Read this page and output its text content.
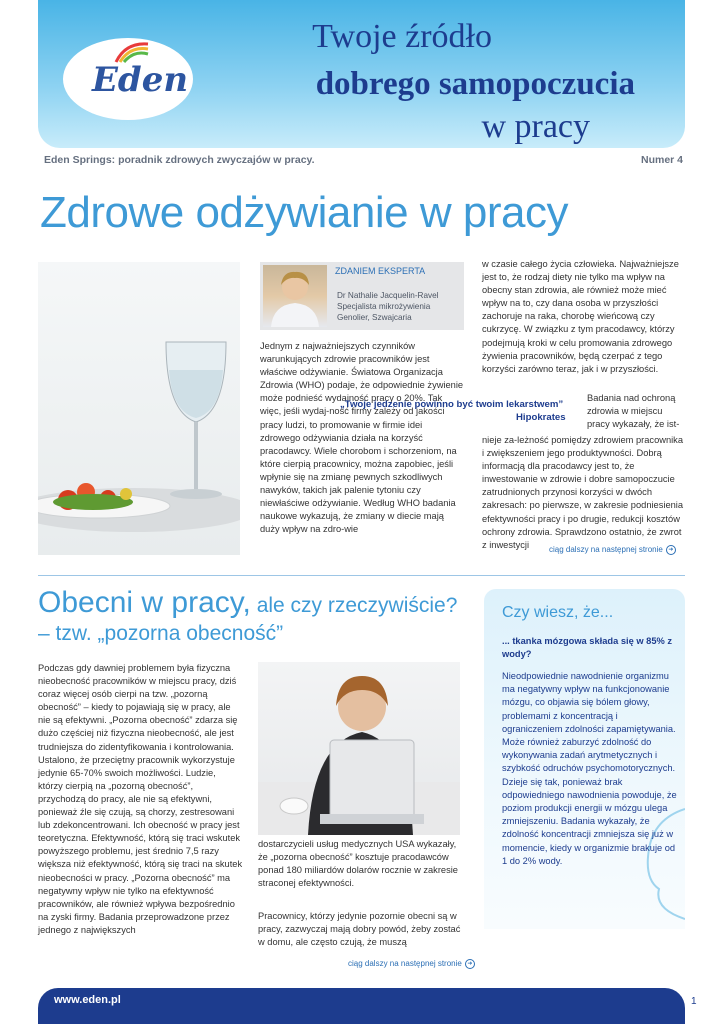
Eden
Twoje źródło
dobrego samopoczucia
w pracy
Eden Springs: poradnik zdrowych zwyczajów w pracy.	Numer 4
Zdrowe odżywianie w pracy
ZDANIEM EKSPERTA
Dr Nathalie Jacquelin-Ravel
Specjalista mikrożywienia
Genolier, Szwajcaria
Jednym z najważniejszych czynników warunkujących zdrowie pracowników jest właściwe odżywianie. Światowa Organizacja Zdrowia (WHO) podaje, że odpowiednie żywienie może podnieść wydajność pracy o 20%. Tak więc, jeśli wydaj-ność firmy zależy od jakości pracy ludzi, to promowanie w firmie idei zdrowego odżywiania działa na korzyść pracodawcy. Wiele chorobom i schorzeniom, na które cierpią pracownicy, można zapobiec, jeśli wpłynie się na zmianę pewnych szkodliwych nawyków, takich jak palenie tytoniu czy niewłaściwe odżywianie. Według WHO badania naukowe wykazują, że zmiany w diecie mają duży wpływ na zdro-wie
w czasie całego życia człowieka. Najważniejsze jest to, że rodzaj diety nie tylko ma wpływ na obecny stan zdrowia, ale również może mieć wpływ na to, czy dana osoba w przyszłości zachoruje na raka, chorobę wieńcową czy cukrzycę. W związku z tym pracodawcy, którzy podejmują kroki w celu promowania zdrowego żywienia pracowników, będą czerpać z tego korzyści zarówno teraz, jak i w przyszłości.
„Twoje jedzenie powinno być twoim lekarstwem”
Hipokrates
Badania nad ochroną zdrowia w miejscu pracy wykazały, że ist-
nieje za-leżność pomiędzy zdrowiem pracownika i zwiększeniem jego produktywności. Dobrą informacją dla pracodawcy jest to, że inwestowanie w zdrowie i dobre samopoczucie zatrudnionych przynosi korzyści w dwóch zakresach: po pierwsze, w zakresie podniesienia efektywności pracy i po drugie, redukcji kosztów ochrony zdrowia. Sprawdzono ostatnio, że zwrot z inwestycji	ciąg dalszy na następnej stronie ➜
Obecni w pracy, ale czy rzeczywiście?
– tzw. „pozorna obecność”
Podczas gdy dawniej problemem była fizyczna nieobecność pracowników w miejscu pracy, dziś coraz więcej osób cierpi na tzw. „pozorną obecność” – kiedy to pojawiają się w pracy, ale nie są efektywni. „Pozorna obecność” zdarza się dużo częściej niż fizyczna nieobecność, ale jest trudniejsza do zidentyfikowania i kontrolowania. Ustalono, że przeciętny pracownik wykorzystuje jedynie 65-70% swoich możliwości. Ludzie, którzy cierpią na „pozorną obecność”, przychodzą do pracy, ale nie są efektywni, ponieważ źle się czują, są chorzy, zestresowani lub zdekoncentrowani. Ich obecność w pracy jest teoretyczna. Efektywność, którą się traci wskutek powyższego problemu, jest średnio 7,5 razy większa niż efektywność, którą się traci na skutek nieobecności w pracy. „Pozorna obecność” ma negatywny wpływ nie tylko na efektywność pracowników, ale również wpływa bezpośrednio na zyski firmy. Badania przeprowadzone przez jednego z największych
dostarczycieli usług medycznych USA wykazały, że „pozorna obecność” kosztuje pracodawców ponad 180 miliardów dolarów rocznie w zakresie straconej efektywności.
Pracownicy, którzy jedynie pozornie obecni są w pracy, zazwyczaj mają dobry powód, żeby zostać w domu, ale często czują, że muszą
ciąg dalszy na następnej stronie ➜
Czy wiesz, że...
... tkanka mózgowa składa się w 85% z wody?
Nieodpowiednie nawodnienie organizmu ma negatywny wpływ na funkcjonowanie mózgu, co objawia się bólem głowy, problemami z koncentracją i ograniczeniem zdolności zapamiętywania. Może również zaburzyć zdolność do wykonywania zadań arytmetycznych i szybkość odruchów psychomotorycznych. Dzieje się tak, ponieważ brak odpowiedniego nawodnienia powoduje, że poziom produkcji energii w mózgu ulega zmniejszeniu. Badania wykazały, że zdolność koncentracji zmniejsza się już w momencie, kiedy w organizmie brakuje od 1 do 2% wody.
www.eden.pl	1
